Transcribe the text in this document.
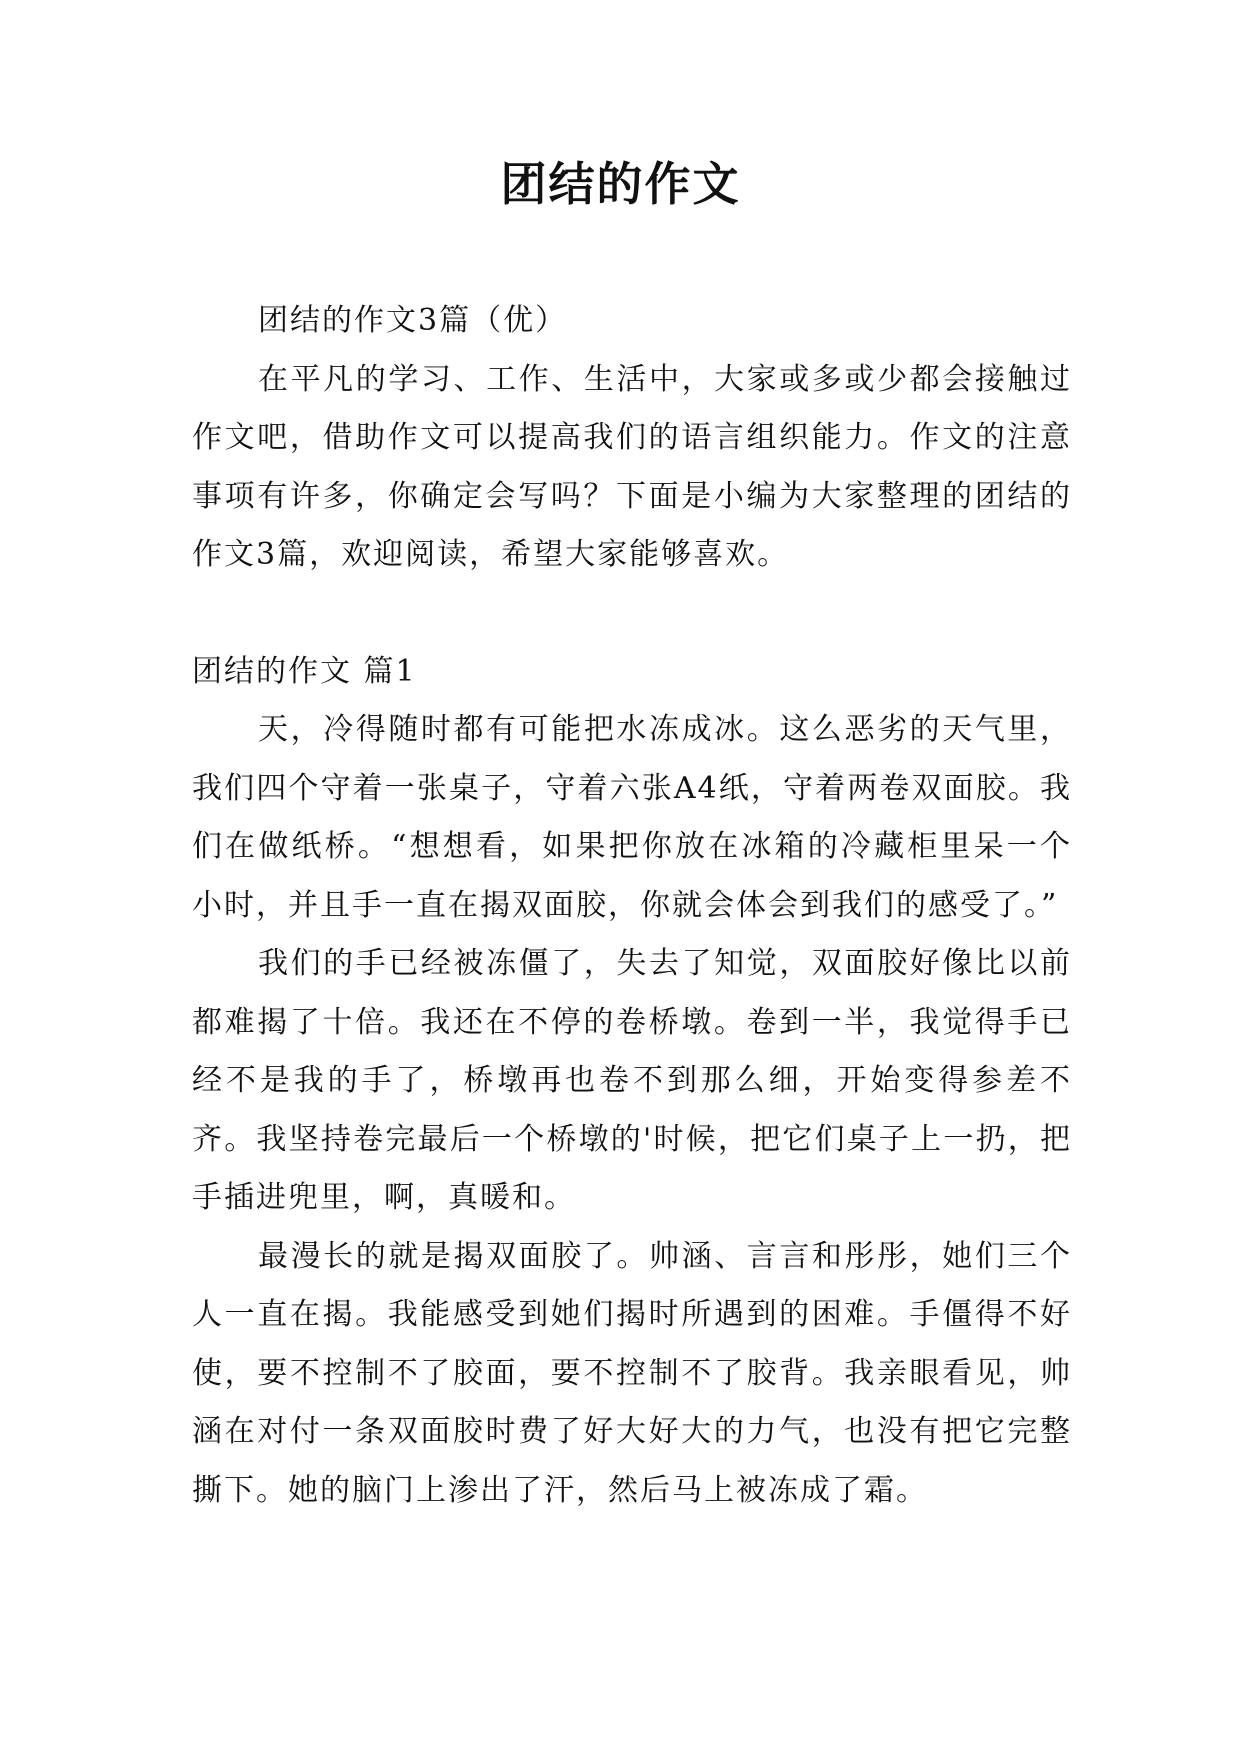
团结的作文

团结的作文3篇（优）

在平凡的学习、工作、生活中，大家或多或少都会接触过作文吧，借助作文可以提高我们的语言组织能力。作文的注意事项有许多，你确定会写吗？下面是小编为大家整理的团结的作文3篇，欢迎阅读，希望大家能够喜欢。

团结的作文 篇1

天，冷得随时都有可能把水冻成冰。这么恶劣的天气里，我们四个守着一张桌子，守着六张A4纸，守着两卷双面胶。我们在做纸桥。“想想看，如果把你放在冰箱的冷藏柜里呆一个小时，并且手一直在揭双面胶，你就会体会到我们的感受了。”

我们的手已经被冻僵了，失去了知觉，双面胶好像比以前都难揭了十倍。我还在不停的卷桥墩。卷到一半，我觉得手已经不是我的手了，桥墩再也卷不到那么细，开始变得参差不齐。我坚持卷完最后一个桥墩的'时候，把它们桌子上一扔，把手插进兜里，啊，真暖和。

最漫长的就是揭双面胶了。帅涵、言言和彤彤，她们三个人一直在揭。我能感受到她们揭时所遇到的困难。手僵得不好使，要不控制不了胶面，要不控制不了胶背。我亲眼看见，帅涵在对付一条双面胶时费了好大好大的力气，也没有把它完整撕下。她的脑门上渗出了汗，然后马上被冻成了霜。
